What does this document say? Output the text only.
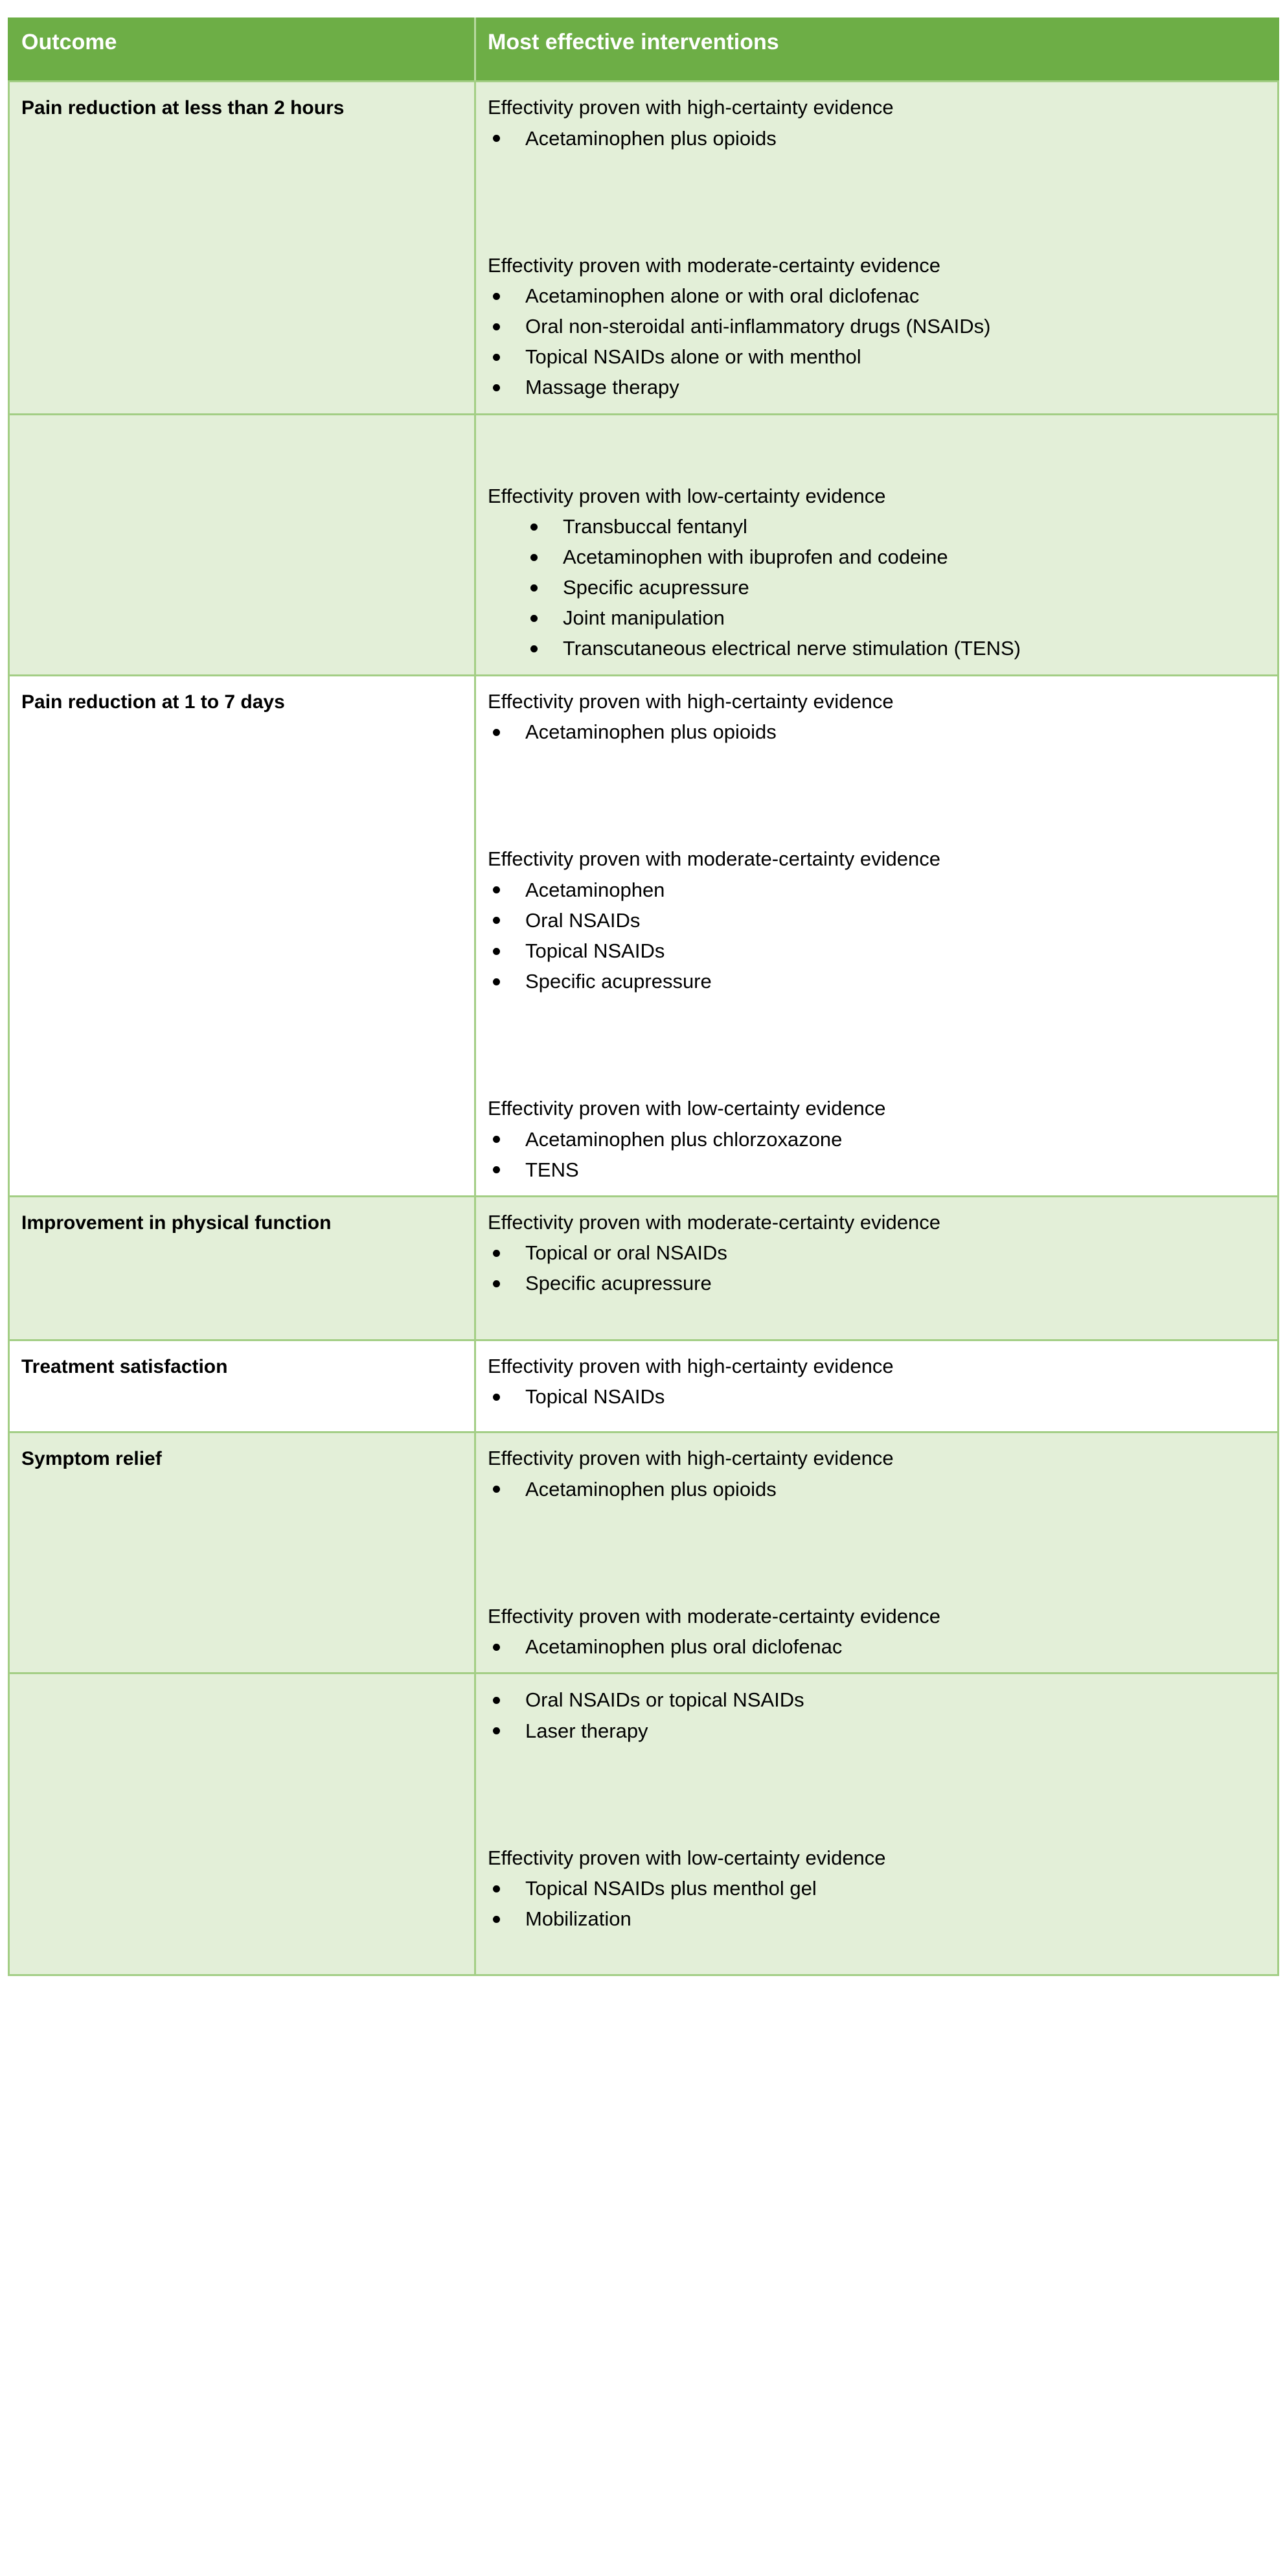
Outcome	Most effective interventions
Pain reduction at less than 2 hours	Effectivity proven with high-certainty evidence
Acetaminophen plus opioids
Effectivity proven with moderate-certainty evidence
Acetaminophen alone or with oral diclofenac
Oral non-steroidal anti-inflammatory drugs (NSAIDs)
Topical NSAIDs alone or with menthol
Massage therapy

Effectivity proven with low-certainty evidence
Transbuccal fentanyl
Acetaminophen with ibuprofen and codeine
Specific acupressure
Joint manipulation
Transcutaneous electrical nerve stimulation (TENS)

Pain reduction at 1 to 7 days	Effectivity proven with high-certainty evidence
Acetaminophen plus opioids
Effectivity proven with moderate-certainty evidence
Acetaminophen
Oral NSAIDs
Topical NSAIDs
Specific acupressure
Effectivity proven with low-certainty evidence
Acetaminophen plus chlorzoxazone
TENS

Improvement in physical function	Effectivity proven with moderate-certainty evidence
Topical or oral NSAIDs
Specific acupressure

Treatment satisfaction	Effectivity proven with high-certainty evidence
Topical NSAIDs

Symptom relief	Effectivity proven with high-certainty evidence
Acetaminophen plus opioids
Effectivity proven with moderate-certainty evidence
Acetaminophen plus oral diclofenac

Oral NSAIDs or topical NSAIDs
Laser therapy
Effectivity proven with low-certainty evidence
Topical NSAIDs plus menthol gel
Mobilization
